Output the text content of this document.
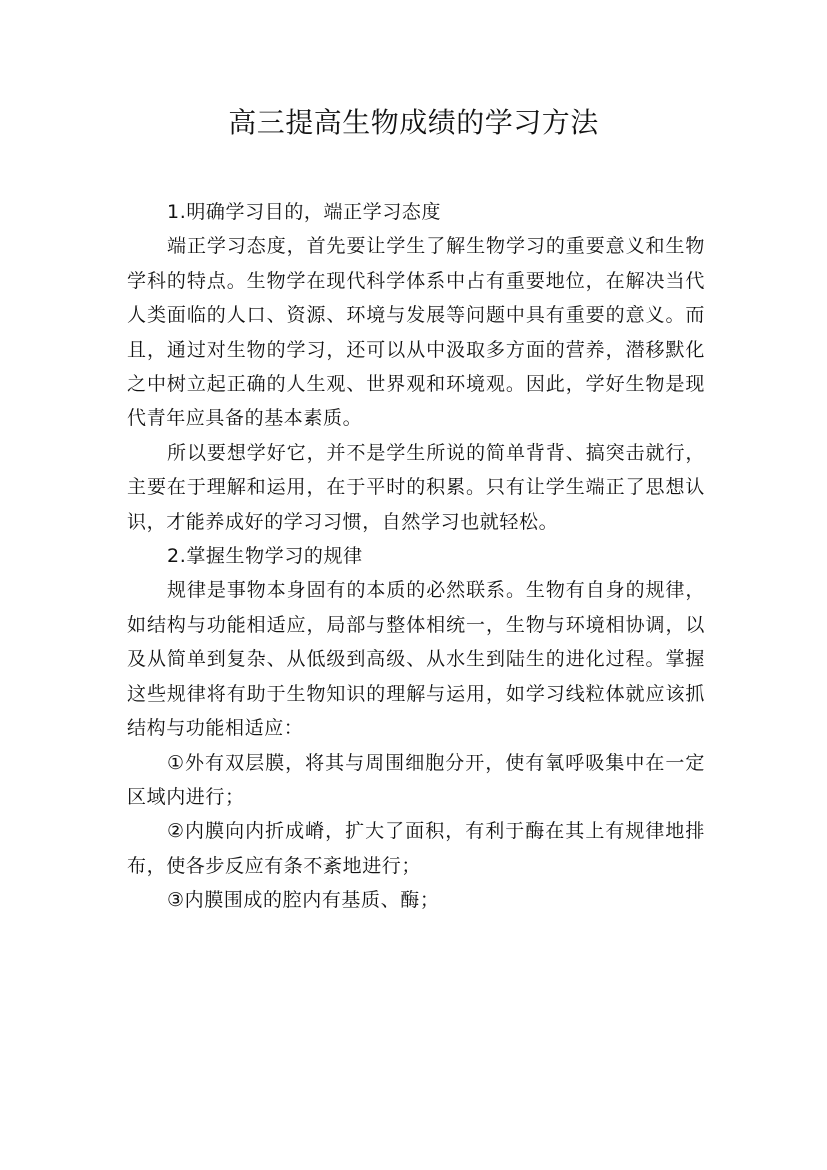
高三提高生物成绩的学习方法

1.明确学习目的，端正学习态度

端正学习态度，首先要让学生了解生物学习的重要意义和生物学科的特点。生物学在现代科学体系中占有重要地位，在解决当代人类面临的人口、资源、环境与发展等问题中具有重要的意义。而且，通过对生物的学习，还可以从中汲取多方面的营养，潜移默化之中树立起正确的人生观、世界观和环境观。因此，学好生物是现代青年应具备的基本素质。

所以要想学好它，并不是学生所说的简单背背、搞突击就行，主要在于理解和运用，在于平时的积累。只有让学生端正了思想认识，才能养成好的学习习惯，自然学习也就轻松。

2.掌握生物学习的规律

规律是事物本身固有的本质的必然联系。生物有自身的规律，如结构与功能相适应，局部与整体相统一，生物与环境相协调，以及从简单到复杂、从低级到高级、从水生到陆生的进化过程。掌握这些规律将有助于生物知识的理解与运用，如学习线粒体就应该抓结构与功能相适应：

①外有双层膜，将其与周围细胞分开，使有氧呼吸集中在一定区域内进行；

②内膜向内折成嵴，扩大了面积，有利于酶在其上有规律地排布，使各步反应有条不紊地进行；

③内膜围成的腔内有基质、酶；
